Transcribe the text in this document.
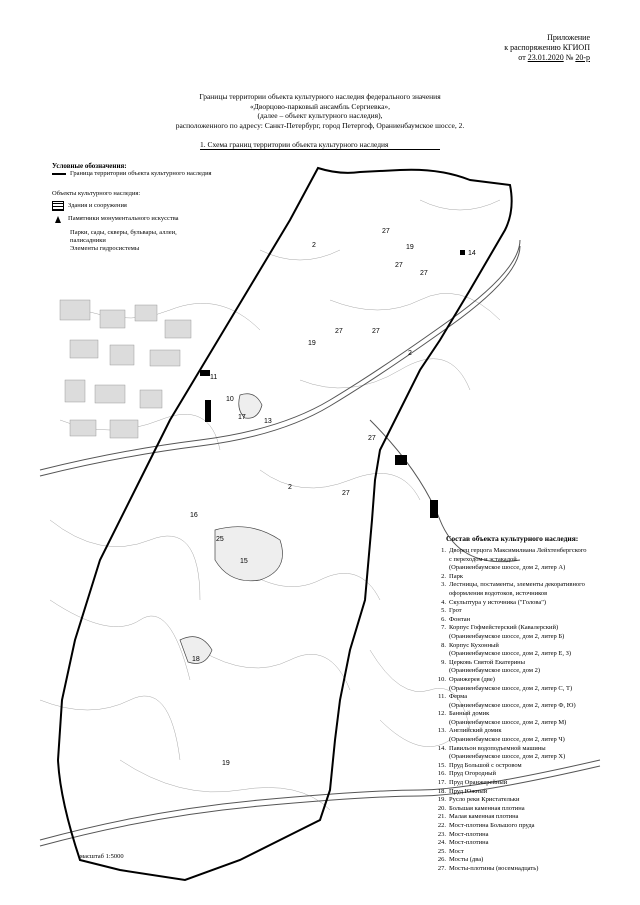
Приложение
к распоряжению КГИОП
от 23.01.2020 № 20-р
Границы территории объекта культурного наследия федерального значения
«Дворцово-парковый ансамбль Сергиевка»,
(далее – объект культурного наследия),
расположенного по адресу: Санкт-Петербург, город Петергоф, Ораниенбаумское шоссе, 2.
1. Схема границ территории объекта культурного наследия
Условные обозначения:
Граница территории объекта культурного наследия
Объекты культурного наследия:
Здания и сооружения
Памятники монументального искусства
Парки, сады, скверы, бульвары, аллеи, палисадники
Элементы гидросистемы	2
2
2
27
27
27
27	27
27
27
19
19
19
14
11
10
17
13
16
15
25
18
Состав объекта культурного наследия:
1. Дворец герцога Максимилиана Лейхтенбергского
с переходом и эстакадой
(Ораниенбаумское шоссе, дом 2, литер А)
2. Парк
3. Лестницы, постаменты, элементы декоративного
оформления водотоков, источников
4. Скульптура у источника ("Голова")
5. Грот
6. Фонтан
7. Корпус Гофмейстерский (Кавалерский)
(Ораниенбаумское шоссе, дом 2, литер Б)
8. Корпус Кухонный
(Ораниенбаумское шоссе, дом 2, литер Е, З)
9. Церковь Святой Екатерины
(Ораниенбаумское шоссе, дом 2)
10. Оранжерея (две)
(Ораниенбаумское шоссе, дом 2, литер С, Т)
11. Ферма
(Ораниенбаумское шоссе, дом 2, литер Ф, Ю)
12. Банный домик
(Ораниенбаумское шоссе, дом 2, литер М)
13. Английский домик
(Ораниенбаумское шоссе, дом 2, литер Ч)
14. Павильон водоподъемной машины
(Ораниенбаумское шоссе, дом 2, литер Х)
15. Пруд Большой с островом
16. Пруд Огородный
17. Пруд Оранжерейный
18. Пруд Южный
19. Русло реки Кристательки
20. Большая каменная плотина
21. Малая каменная плотина
22. Мост-плотина Большого пруда
23. Мост-плотина
24. Мост-плотина
25. Мост
26. Мосты (два)
27. Мосты-плотины (восемнадцать)
масштаб 1:5000
